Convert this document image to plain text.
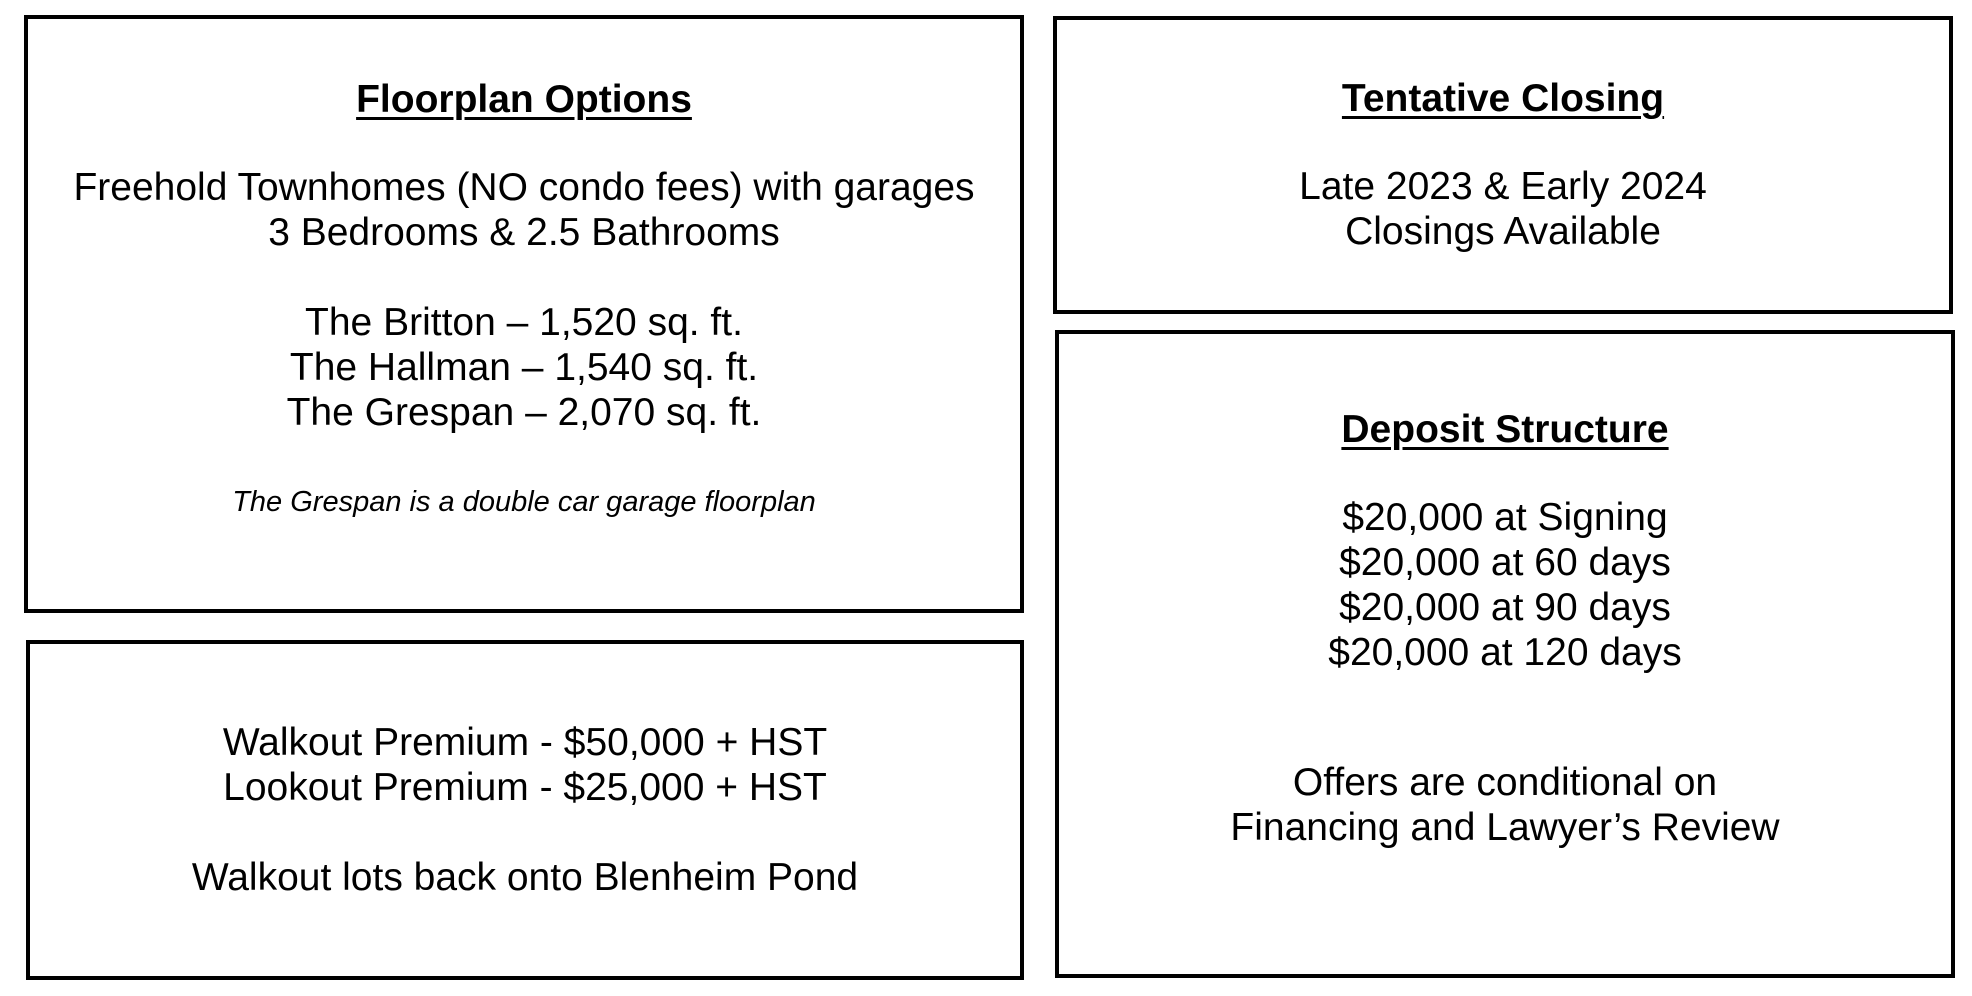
Floorplan Options

Freehold Townhomes (NO condo fees) with garages

3 Bedrooms & 2.5 Bathrooms

The Britton – 1,520 sq. ft.

The Hallman – 1,540 sq. ft.

The Grespan – 2,070 sq. ft.

The Grespan is a double car garage floorplan

Walkout Premium - $50,000 + HST

Lookout Premium - $25,000 + HST

Walkout lots back onto Blenheim Pond

Tentative Closing

Late 2023 & Early 2024

Closings Available

Deposit Structure

$20,000 at Signing

$20,000 at 60 days

$20,000 at 90 days

$20,000 at 120 days

Offers are conditional on

Financing and Lawyer’s Review
